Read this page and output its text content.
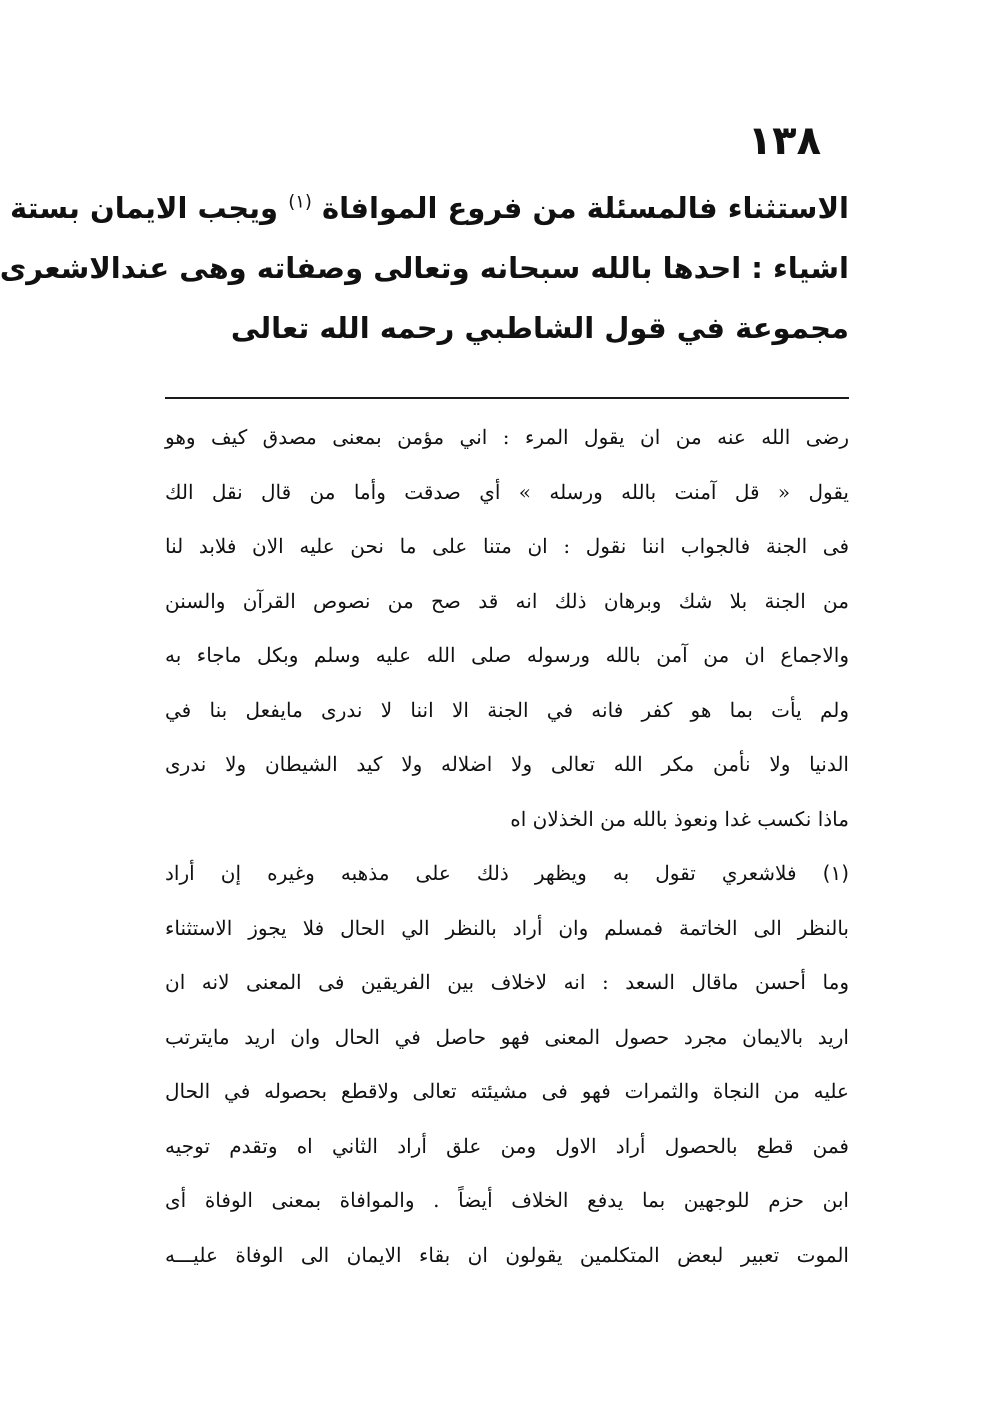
١٣٨
الاستثناء فالمسئلة من فروع الموافاة $^{(١)}$ ويجب الايمان بستة
اشياء : احدها بالله سبحانه وتعالى وصفاته وهى عندالاشعرى
مجموعة في قول الشاطبي رحمه الله تعالى
رضى الله عنه من ان يقول المرء : اني مؤمن بمعنى مصدق كيف وهو
يقول « قل آمنت بالله ورسله » أي صدقت وأما من قال نقل الك
فى الجنة فالجواب اننا نقول : ان متنا على ما نحن عليه الان فلابد لنا
من الجنة بلا شك وبرهان ذلك انه قد صح من نصوص القرآن والسنن
والاجماع ان من آمن بالله ورسوله صلى الله عليه وسلم وبكل ماجاء به
ولم يأت بما هو كفر فانه في الجنة الا اننا لا ندرى مايفعل بنا في
الدنيا ولا نأمن مكر الله تعالى ولا اضلاله ولا كيد الشيطان ولا ندرى
ماذا نكسب غدا ونعوذ بالله من الخذلان اه
(١) فلاشعري تقول به ويظهر ذلك على مذهبه وغيره إن أراد
بالنظر الى الخاتمة فمسلم وان أراد بالنظر الي الحال فلا يجوز الاستثناء
وما أحسن ماقال السعد : انه لاخلاف بين الفريقين فى المعنى لانه ان
اريد بالايمان مجرد حصول المعنى فهو حاصل في الحال وان اريد مايترتب
عليه من النجاة والثمرات فهو فى مشيئته تعالى ولاقطع بحصوله في الحال
فمن قطع بالحصول أراد الاول ومن علق أراد الثاني اه وتقدم توجيه
ابن حزم للوجهين بما يدفع الخلاف أيضاً . والموافاة بمعنى الوفاة أى
الموت تعبير لبعض المتكلمين يقولون ان بقاء الايمان الى الوفاة عليـــه
